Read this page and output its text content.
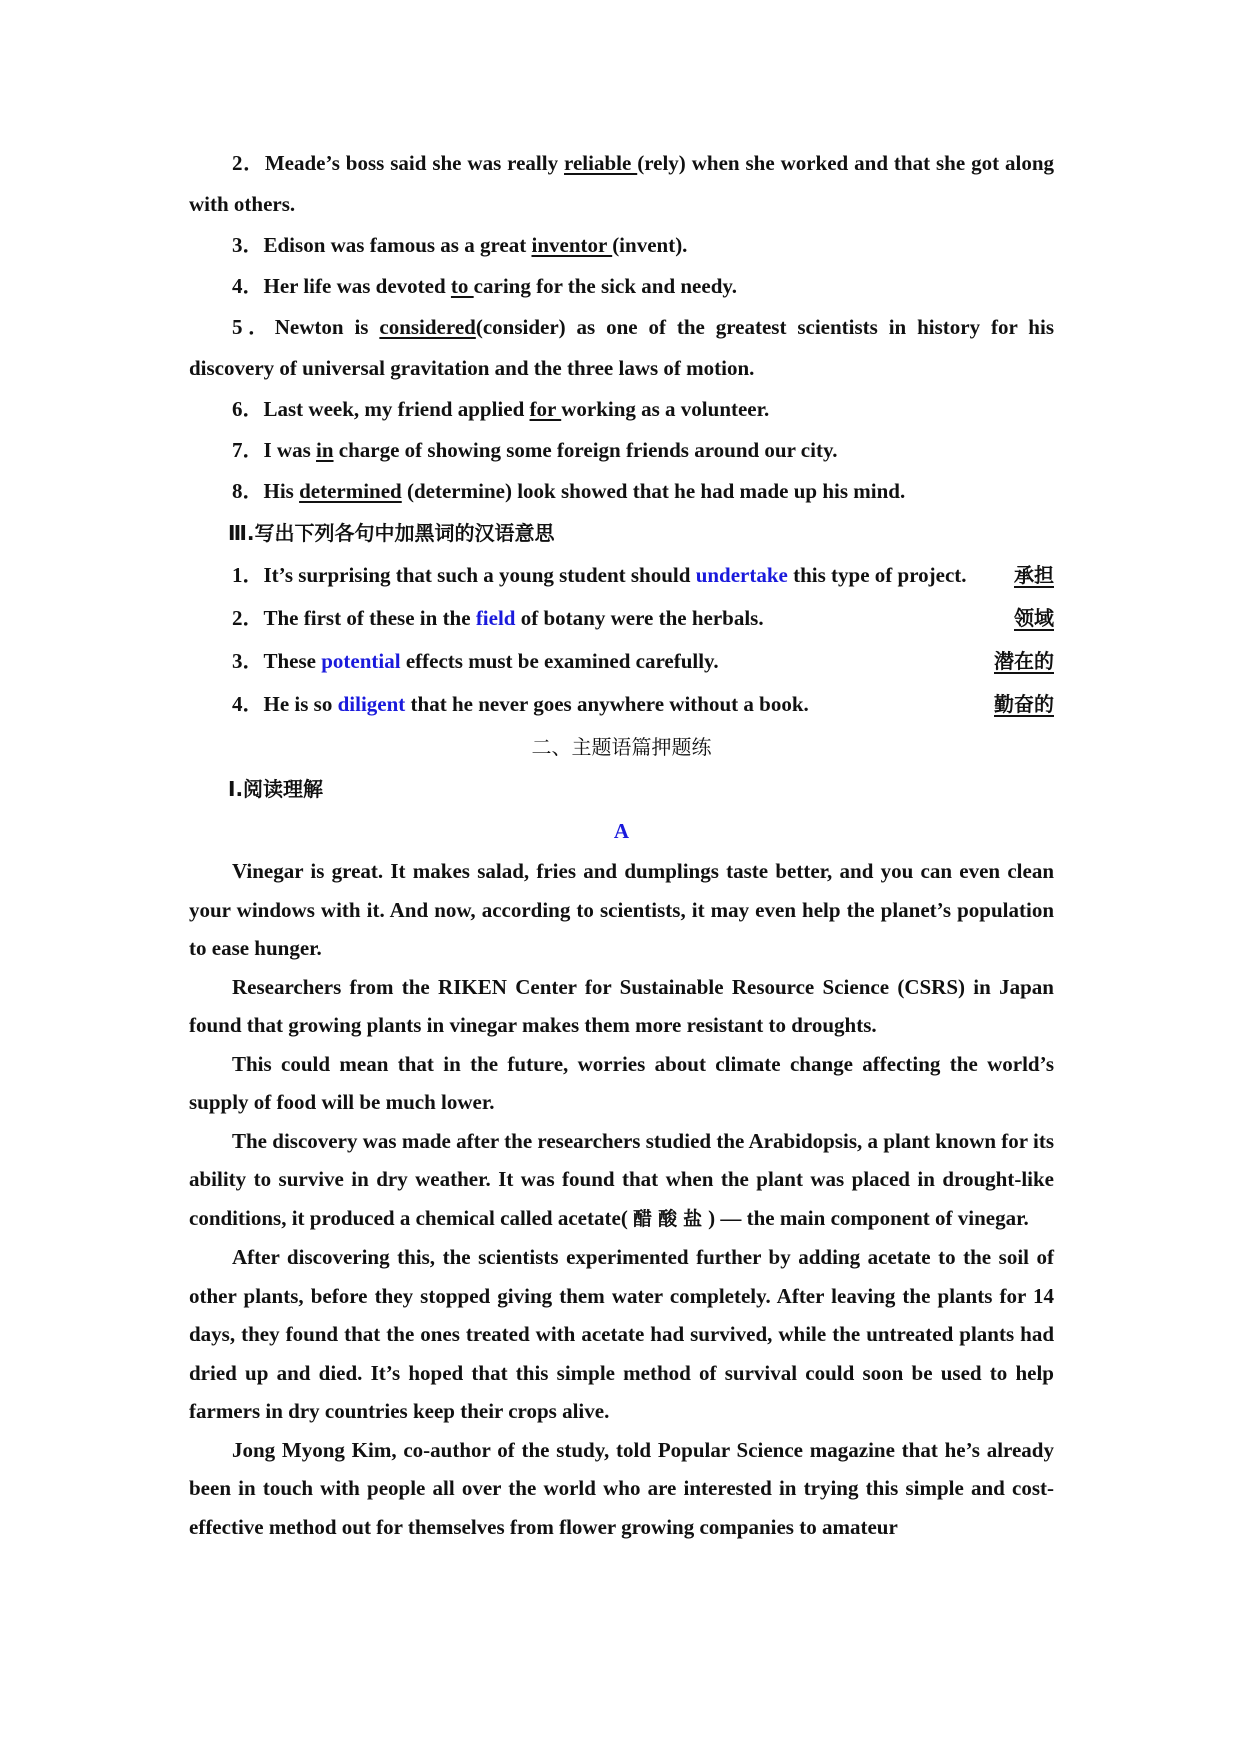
2．Meade’s boss said she was really reliable (rely) when she worked and that she got along with others.

3．Edison was famous as a great inventor (invent).

4．Her life was devoted to caring for the sick and needy.

5．Newton is considered(consider) as one of the greatest scientists in history for his discovery of universal gravitation and the three laws of motion.

6．Last week, my friend applied for working as a volunteer.

7．I was in charge of showing some foreign friends around our city.

8．His determined (determine) look showed that he had made up his mind.

Ⅲ.写出下列各句中加黑词的汉语意思
1．It’s surprising that such a young student should undertake this type of project. 承担
2．The first of these in the field of botany were the herbals.	领域
3．These potential effects must be examined carefully.	潜在的
4．He is so diligent that he never goes anywhere without a book.	勤奋的
二、主题语篇押题练
Ⅰ.阅读理解
A

Vinegar is great. It makes salad, fries and dumplings taste better, and you can even clean your windows with it. And now, according to scientists, it may even help the planet’s population to ease hunger.

Researchers from the RIKEN Center for Sustainable Resource Science (CSRS) in Japan found that growing plants in vinegar makes them more resistant to droughts.

This could mean that in the future, worries about climate change affecting the world’s supply of food will be much lower.

The discovery was made after the researchers studied the Arabidopsis, a plant known for its ability to survive in dry weather. It was found that when the plant was placed in drought-like conditions, it produced a chemical called acetate( 醋酸盐) — the main component of vinegar.

After discovering this, the scientists experimented further by adding acetate to the soil of other plants, before they stopped giving them water completely. After leaving the plants for 14 days, they found that the ones treated with acetate had survived, while the untreated plants had dried up and died. It’s hoped that this simple method of survival could soon be used to help farmers in dry countries keep their crops alive.

Jong Myong Kim, co-author of the study, told Popular Science magazine that he’s already been in touch with people all over the world who are interested in trying this simple and cost-effective method out for themselves from flower growing companies to amateur
